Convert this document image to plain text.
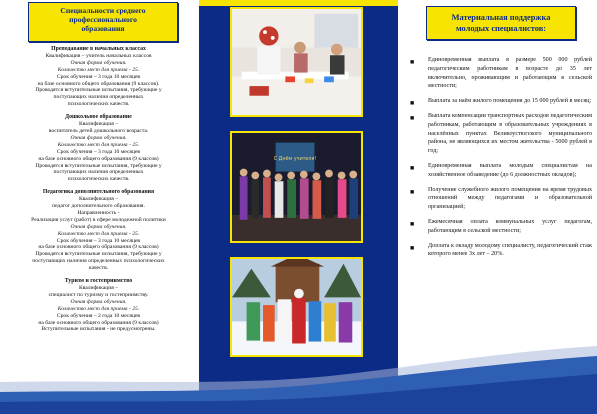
Специальности среднего
профессионального
образования
Преподавание в начальных классах
Квалификация – учитель начальных классов
Очная форма обучения.
Количество мест для приема - 25.
Срок обучения – 3 года 10 месяцев
на базе основного общего образования (9 классов).
Проводятся вступительные испытания, требующие у
поступающих наличия определенных
психологических качеств.
Дошкольное образование
Квалификация –
воспитатель детей дошкольного возраста.
Очная форма обучения.
Количество мест для приема - 25.
Срок обучения – 3 года 10 месяцев
на базе основного общего образования (9 классов)
Проводятся вступительные испытания, требующие у
поступающих наличия определенных
психологических качеств.
Педагогика дополнительного образования
Квалификация –
педагог дополнительного образования.
Направленность -
Реализация услуг (работ) в сфере молодежной политики
Очная форма обучения.
Количество мест для приема - 25.
Срок обучения – 3 года 10 месяцев
на базе основного общего образования (9 классов)
Проводятся вступительные испытания, требующие у
поступающих наличия определенных психологических
качеств.
Туризм и гостеприимство
Квалификация –
специалист по туризму и гостеприимству.
Очная форма обучения.
Количество мест для приема - 25.
Срок обучения – 2 года 10 месяцев
на базе основного общего образования (9 классов)
Вступительные испытания - не предусмотрены.
С Днём учителя!
Материальная поддержка
молодых специалистов:
■ Единовременная выплата в размере 500 000 рублей педагогическим работникам в возрасте до 35 лет включительно, проживающим и работающим в сельской местности;
■ Выплата за наём жилого помещения до 15 000 рублей в месяц;
■ Выплата компенсации транспортных расходов педагогическим работникам, работающим в образовательных учреждениях в населённых пунктах Великоустюгского муниципального района, не являющихся их местом жительства - 5000 рублей в год;
■ Единовременная выплата молодым специалистам на хозяйственное обзаведение (до 6 должностных окладов);
■ Получение служебного жилого помещения на время трудовых отношений между педагогами и образовательной организацией;
■ Ежемесячная оплата коммунальных услуг педагогам, работающим в сельской местности;
■ Доплата к окладу молодому специалисту, педагогический стаж которого менее 3х лет – 20%.
